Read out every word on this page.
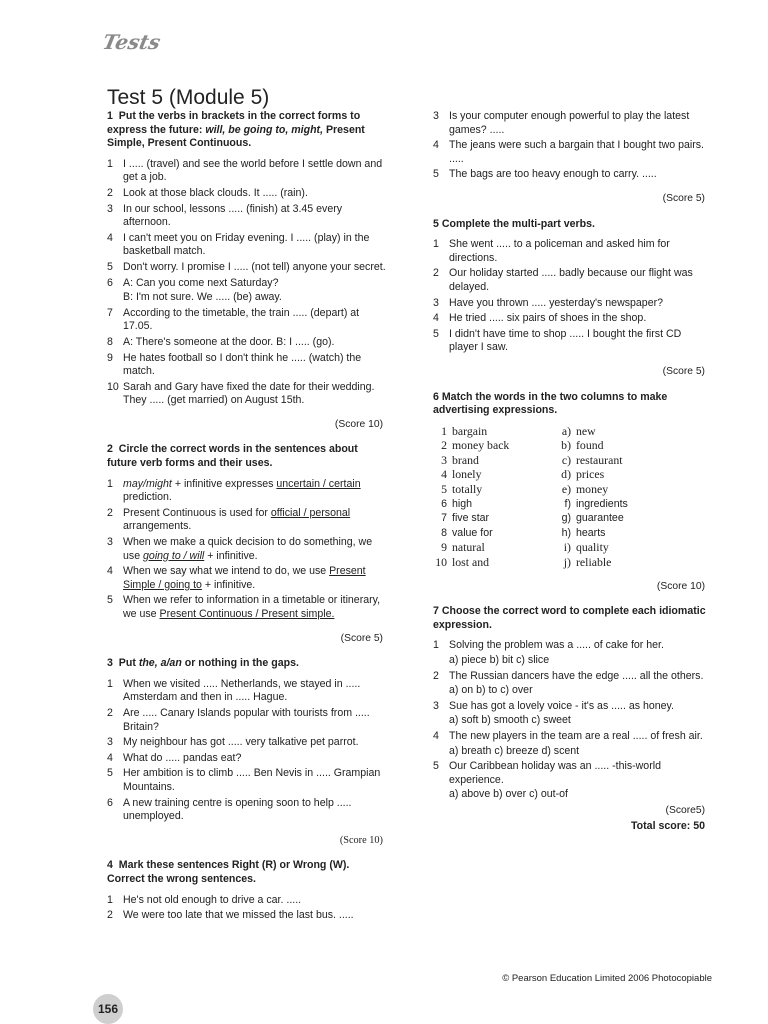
Tests
Test 5 (Module 5)

1 Put the verbs in brackets in the correct forms to express the future: will, be going to, might, Present Simple, Present Continuous.

1 I ..... (travel) and see the world before I settle down and get a job.
2 Look at those black clouds. It ..... (rain).
3 In our school, lessons ..... (finish) at 3.45 every afternoon.
4 I can't meet you on Friday evening. I ..... (play) in the basketball match.
5 Don't worry. I promise I ..... (not tell) anyone your secret.
6 A: Can you come next Saturday?
B: I'm not sure. We ..... (be) away.
7 According to the timetable, the train ..... (depart) at 17.05.
8 A: There's someone at the door. B: I ..... (go).
9 He hates football so I don't think he ..... (watch) the match.
10 Sarah and Gary have fixed the date for their wedding. They ..... (get married) on August 15th.
(Score 10)

2 Circle the correct words in the sentences about future verb forms and their uses.

1 may/might + infinitive expresses uncertain / certain prediction.
2 Present Continuous is used for official / personal arrangements.
3 When we make a quick decision to do something, we use going to / will + infinitive.
4 When we say what we intend to do, we use Present Simple / going to + infinitive.
5 When we refer to information in a timetable or itinerary, we use Present Continuous / Present simple.
(Score 5)

3 Put the, a/an or nothing in the gaps.

1 When we visited ..... Netherlands, we stayed in ..... Amsterdam and then in ..... Hague.
2 Are ..... Canary Islands popular with tourists from ..... Britain?
3 My neighbour has got ..... very talkative pet parrot.
4 What do ..... pandas eat?
5 Her ambition is to climb ..... Ben Nevis in ..... Grampian Mountains.
6 A new training centre is opening soon to help ..... unemployed.
(Score 10)

4 Mark these sentences Right (R) or Wrong (W). Correct the wrong sentences.

1 He's not old enough to drive a car. .....
2 We were too late that we missed the last bus. .....
3 Is your computer enough powerful to play the latest games? .....
4 The jeans were such a bargain that I bought two pairs. .....
5 The bags are too heavy enough to carry. .....
(Score 5)

5 Complete the multi-part verbs.

1 She went ..... to a policeman and asked him for directions.
2 Our holiday started ..... badly because our flight was delayed.
3 Have you thrown ..... yesterday's newspaper?
4 He tried ..... six pairs of shoes in the shop.
5 I didn't have time to shop ..... I bought the first CD player I saw.
(Score 5)

6 Match the words in the two columns to make advertising expressions.

1 bargain	a) new
2 money back	b) found
3 brand	c) restaurant
4 lonely	d) prices
5 totally	e) money
6 high	f) ingredients
7 five star	g) guarantee
8 value for	h) hearts
9 natural	i) quality
10 lost and	j) reliable
(Score 10)

7 Choose the correct word to complete each idiomatic expression.

1 Solving the problem was a ..... of cake for her.
a) piece b) bit c) slice
2 The Russian dancers have the edge ..... all the others.
a) on b) to c) over
3 Sue has got a lovely voice - it's as ..... as honey.
a) soft b) smooth c) sweet
4 The new players in the team are a real ..... of fresh air.
a) breath c) breeze d) scent
5 Our Caribbean holiday was an ..... -this-world experience.
a) above b) over c) out-of
(Score5)
Total score: 50
© Pearson Education Limited 2006 Photocopiable
156
